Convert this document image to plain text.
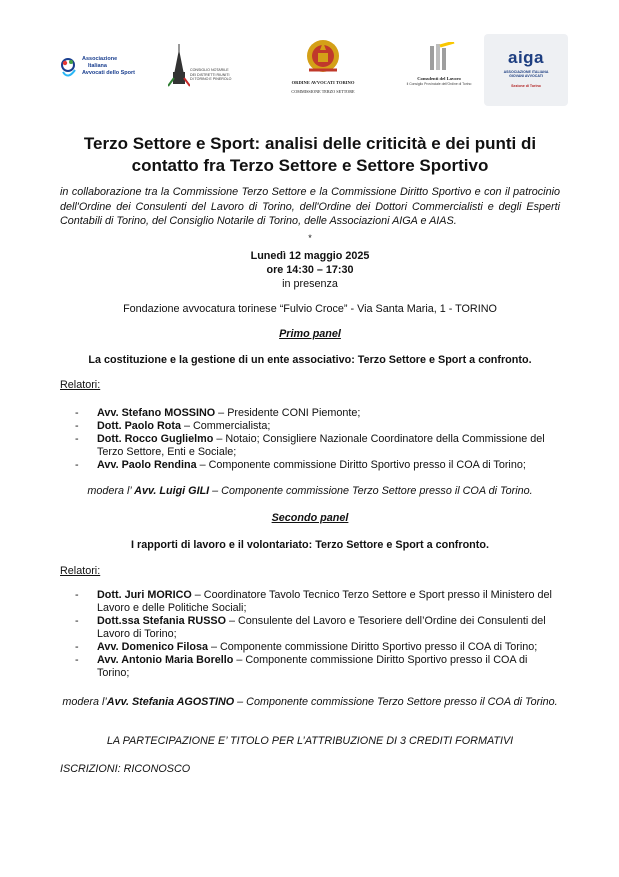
Associazione
Italiana
Avvocati dello Sport	CONSIGLIO NOTARILE
DEI DISTRETTI RIUNITI
DI TORINO E PINEROLO
ORDINE AVVOCATI TORINO
COMMISSIONE TERZO SETTORE
Consulenti del Lavoro
Il Consiglio Provinciale dell'Ordine di Torino
aiga
ASSOCIAZIONE ITALIANA
GIOVANI AVVOCATI
Sezione di Torino
Terzo Settore e Sport: analisi delle criticità e dei punti di
contatto fra Terzo Settore e Settore Sportivo
in collaborazione tra la Commissione Terzo Settore e la Commissione Diritto Sportivo e con il patrocinio dell'Ordine dei Consulenti del Lavoro di Torino, dell'Ordine dei Dottori Commercialisti e degli Esperti Contabili di Torino, del Consiglio Notarile di Torino, delle Associazioni AIGA e AIAS.
*
Lunedì 12 maggio 2025
ore 14:30 – 17:30
in presenza
Fondazione avvocatura torinese “Fulvio Croce” - Via Santa Maria, 1 - TORINO
Primo panel
La costituzione e la gestione di un ente associativo: Terzo Settore e Sport a confronto.
Relatori:
- Avv. Stefano MOSSINO – Presidente CONI Piemonte;
- Dott. Paolo Rota – Commercialista;
- Dott. Rocco Guglielmo – Notaio; Consigliere Nazionale Coordinatore della Commissione del Terzo Settore, Enti e Sociale;
- Avv. Paolo Rendina – Componente commissione Diritto Sportivo presso il COA di Torino;
modera l’ Avv. Luigi GILI – Componente commissione Terzo Settore presso il COA di Torino.
Secondo panel
I rapporti di lavoro e il volontariato: Terzo Settore e Sport a confronto.
Relatori:
- Dott. Juri MORICO – Coordinatore Tavolo Tecnico Terzo Settore e Sport presso il Ministero del Lavoro e delle Politiche Sociali;
- Dott.ssa Stefania RUSSO – Consulente del Lavoro e Tesoriere dell’Ordine dei Consulenti del Lavoro di Torino;
- Avv. Domenico Filosa – Componente commissione Diritto Sportivo presso il COA di Torino;
- Avv. Antonio Maria Borello – Componente commissione Diritto Sportivo presso il COA di Torino;
modera l’Avv. Stefania AGOSTINO – Componente commissione Terzo Settore presso il COA di Torino.
LA PARTECIPAZIONE E’ TITOLO PER L’ATTRIBUZIONE DI 3 CREDITI FORMATIVI
ISCRIZIONI: RICONOSCO
